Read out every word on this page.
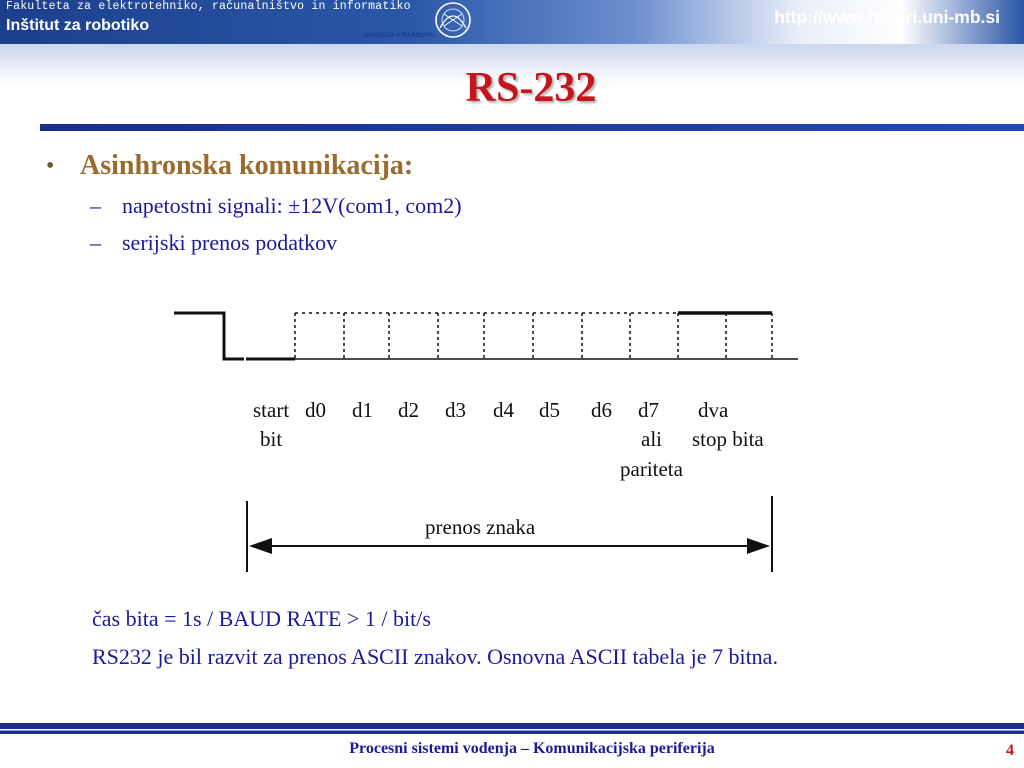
Fakulteta za elektrotehniko, računalništvo in informatiko
Inštitut za robotiko
UNIVERZA V MARIBORU
http://www.ro.feri.uni-mb.si
RS-232
• Asinhronska komunikacija:
– napetostni signali: ±12V(com1, com2)
– serijski prenos podatkov
start
bit
d0 d1 d2 d3 d4 d5 d6 d7
ali
pariteta
dva
stop bita
prenos znaka
čas bita = 1s / BAUD RATE > 1 / bit/s
RS232 je bil razvit za prenos ASCII znakov. Osnovna ASCII tabela je 7 bitna.
Procesni sistemi vodenja – Komunikacijska periferija	4
